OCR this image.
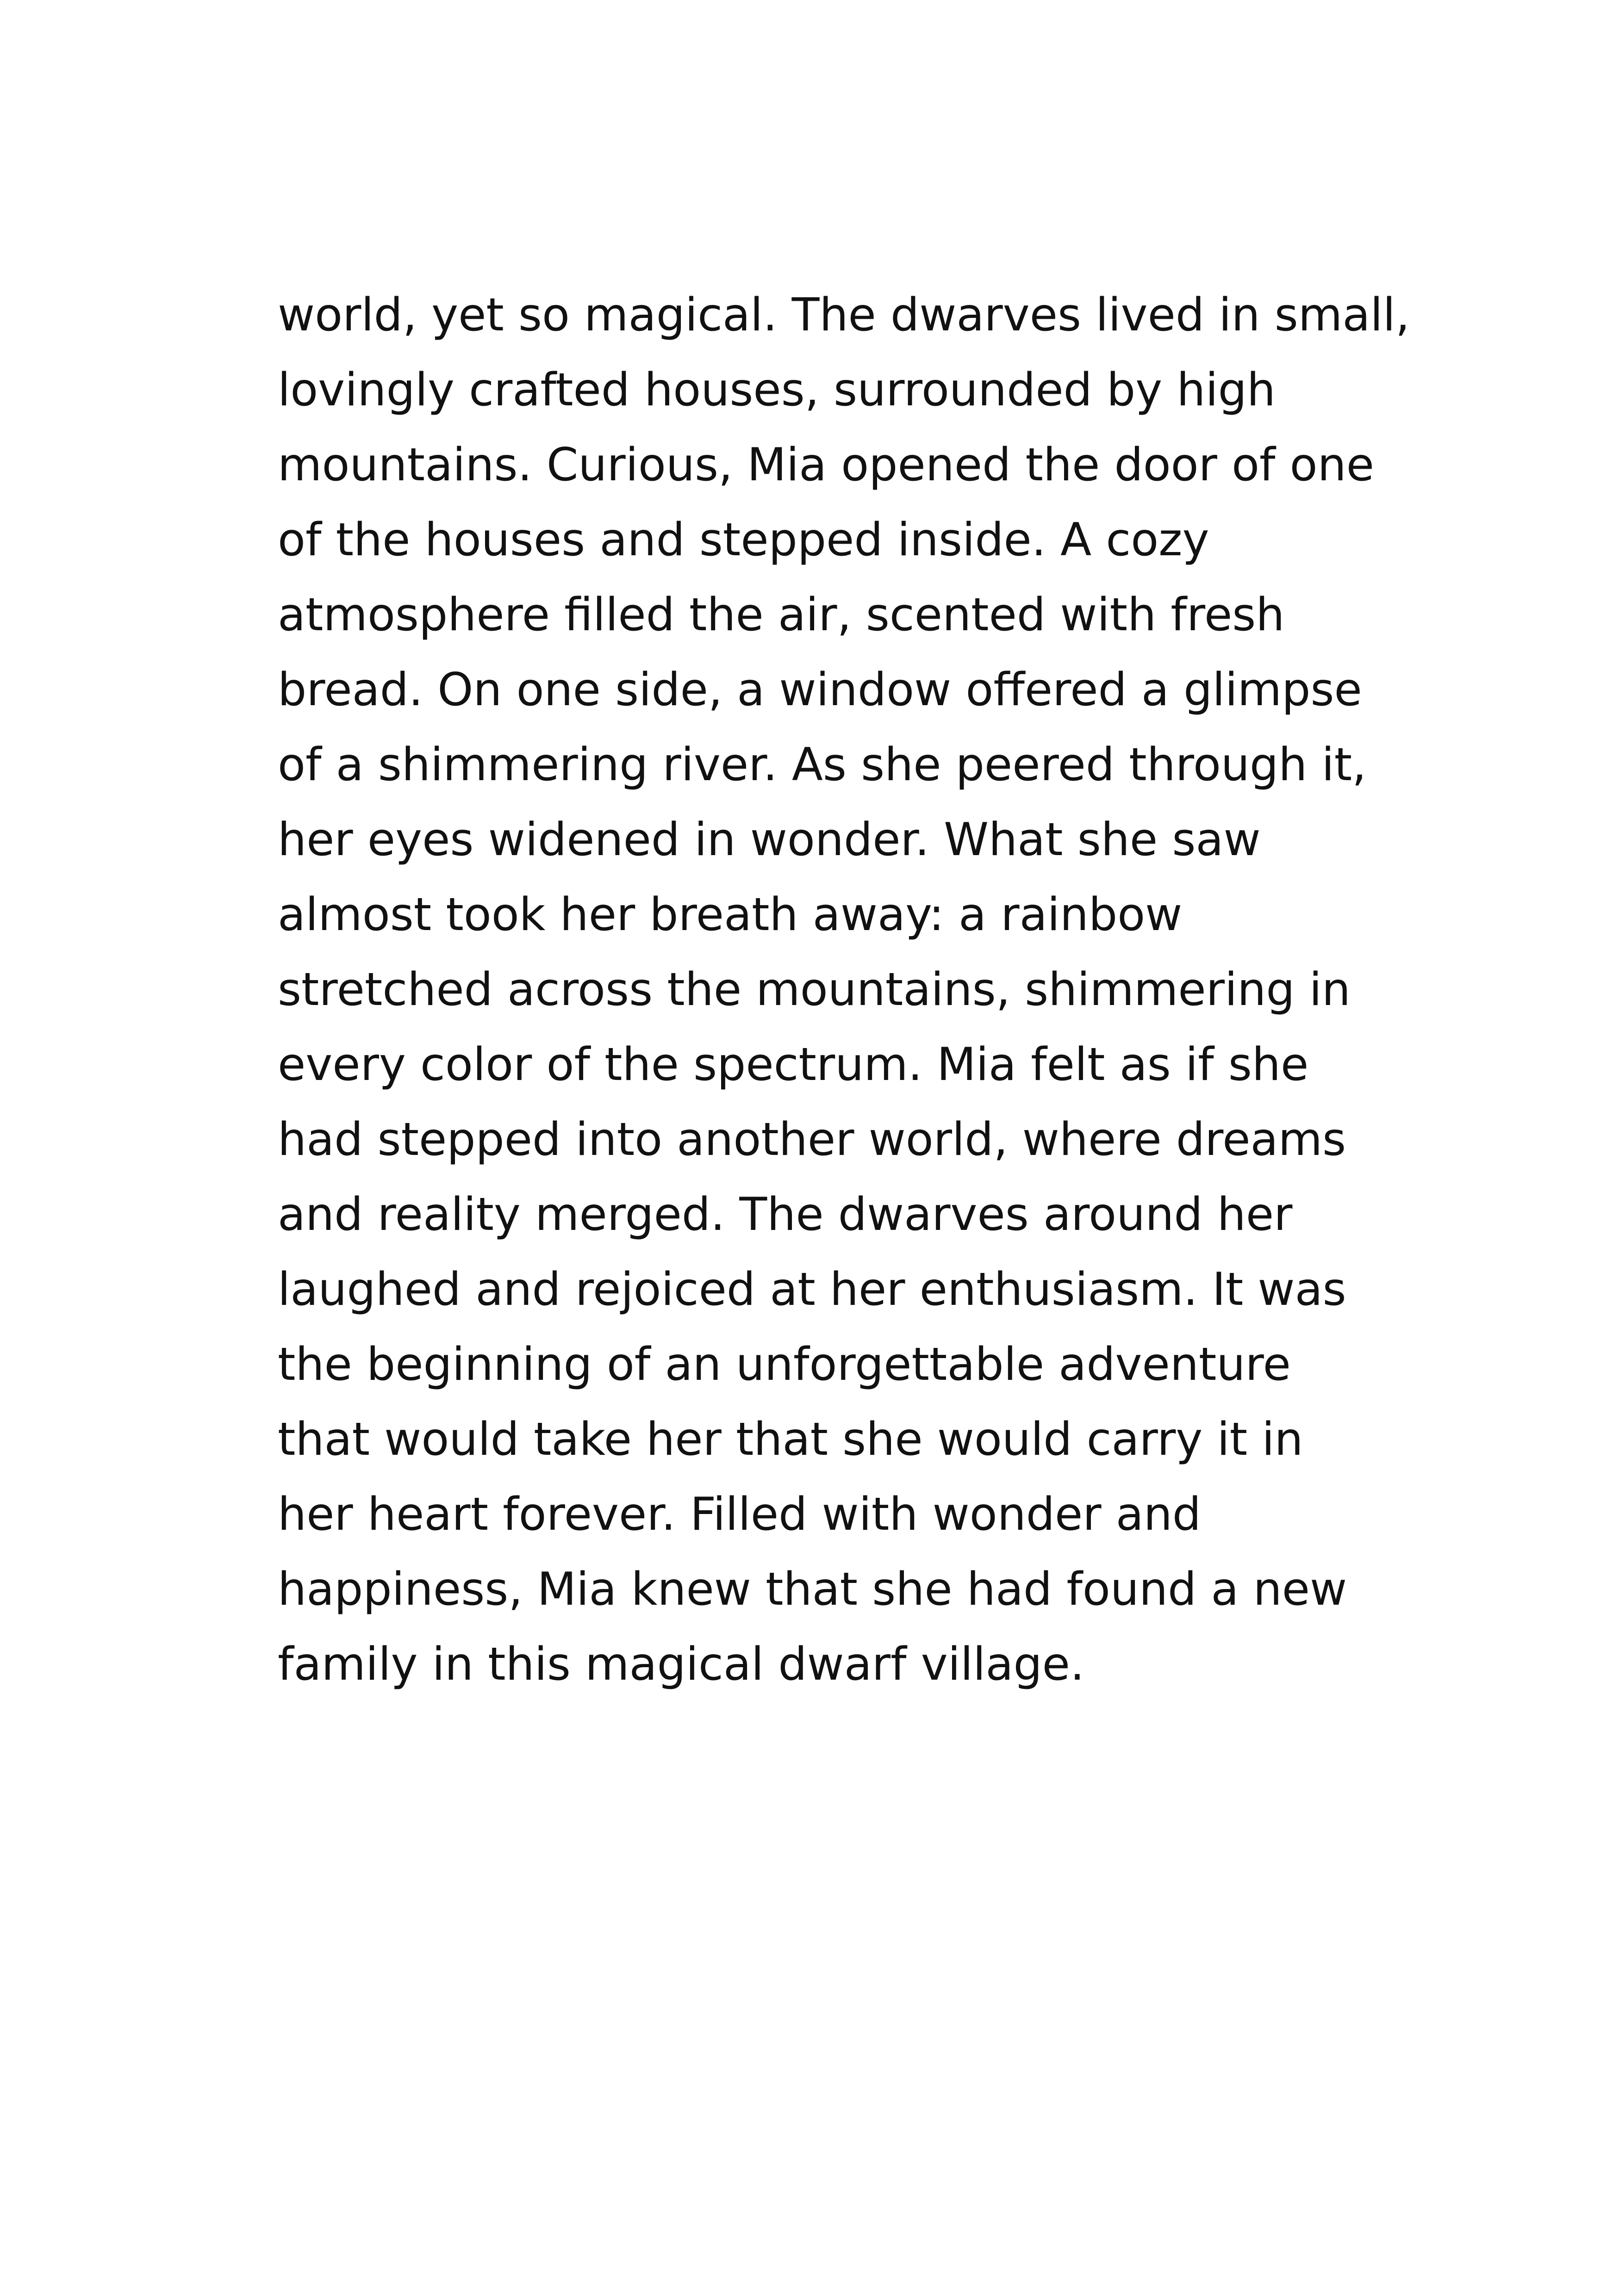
world, yet so magical. The dwarves lived in small,
lovingly crafted houses, surrounded by high
mountains. Curious, Mia opened the door of one
of the houses and stepped inside. A cozy
atmosphere filled the air, scented with fresh
bread. On one side, a window offered a glimpse
of a shimmering river. As she peered through it,
her eyes widened in wonder. What she saw
almost took her breath away: a rainbow
stretched across the mountains, shimmering in
every color of the spectrum. Mia felt as if she
had stepped into another world, where dreams
and reality merged. The dwarves around her
laughed and rejoiced at her enthusiasm. It was
the beginning of an unforgettable adventure
that would take her that she would carry it in
her heart forever. Filled with wonder and
happiness, Mia knew that she had found a new
family in this magical dwarf village.
